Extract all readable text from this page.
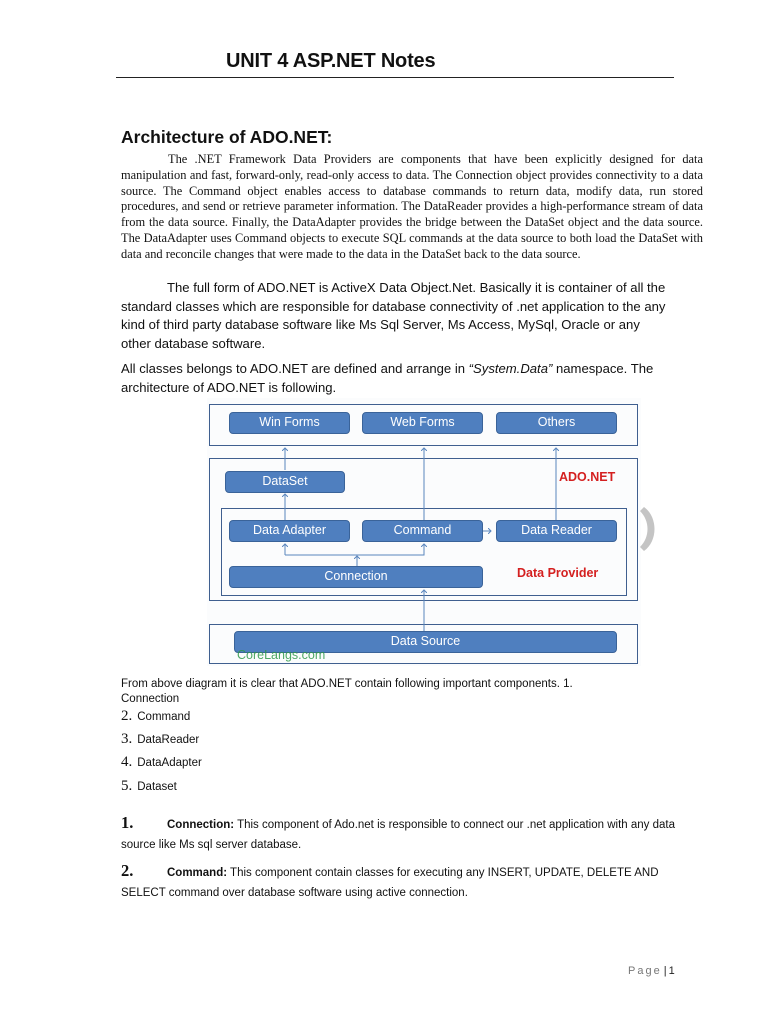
UNIT 4 ASP.NET Notes
Architecture of ADO.NET:

The .NET Framework Data Providers are components that have been explicitly designed for data manipulation and fast, forward-only, read-only access to data. The Connection object provides connectivity to a data source. The Command object enables access to database commands to return data, modify data, run stored procedures, and send or retrieve parameter information. The DataReader provides a high-performance stream of data from the data source. Finally, the DataAdapter provides the bridge between the DataSet object and the data source. The DataAdapter uses Command objects to execute SQL commands at the data source to both load the DataSet with data and reconcile changes that were made to the data in the DataSet back to the data source.

The full form of ADO.NET is ActiveX Data Object.Net. Basically it is container of all the standard classes which are responsible for database connectivity of .net application to the any kind of third party database software like Ms Sql Server, Ms Access, MySql, Oracle or any other database software.

All classes belongs to ADO.NET are defined and arrange in “System.Data” namespace. The architecture of ADO.NET is following.

Win Forms	Web Forms	Others
DataSet	ADO.NET
Data Adapter	Command	Data Reader
Connection	Data Provider
Data Source
CoreLangs.com

From above diagram it is clear that ADO.NET contain following important components. 1. Connection

2. Command
3. DataReader
4. DataAdapter
5. Dataset

1.	Connection: This component of Ado.net is responsible to connect our .net application with any data source like Ms sql server database.

2.	Command: This component contain classes for executing any INSERT, UPDATE, DELETE AND SELECT command over database software using active connection.

Page | 1
